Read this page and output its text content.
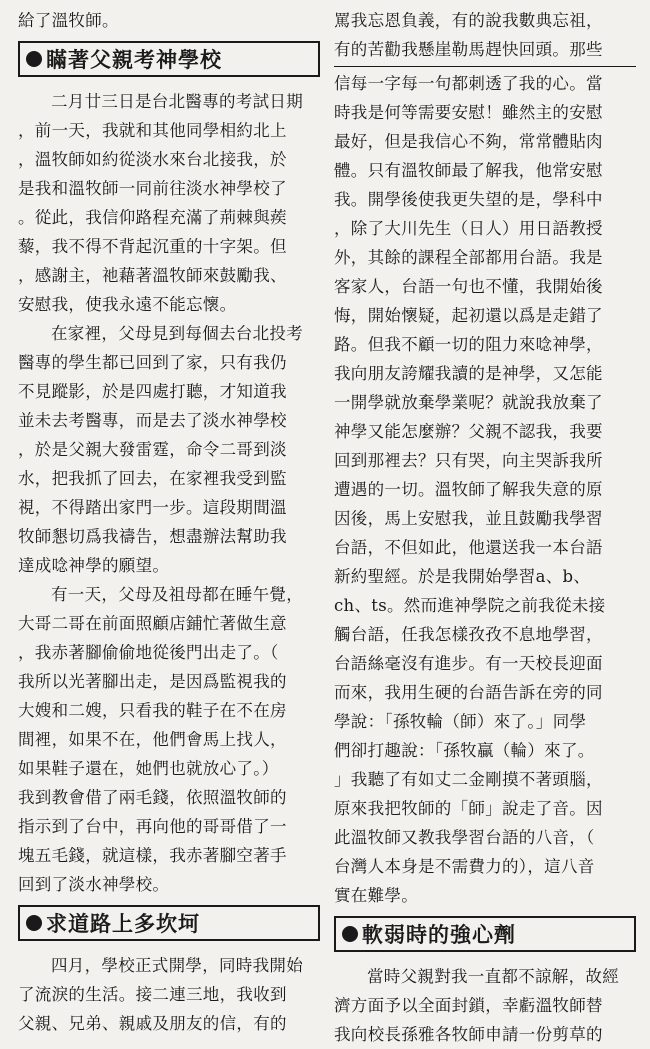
給了溫牧師。

瞞著父親考神學校

二月廿三日是台北醫專的考試日期

，前一天，我就和其他同學相約北上

，溫牧師如約從淡水來台北接我，於

是我和溫牧師一同前往淡水神學校了

。從此，我信仰路程充滿了荊棘與蒺

藜，我不得不背起沉重的十字架。但

，感謝主，祂藉著溫牧師來鼓勵我、

安慰我，使我永遠不能忘懷。

在家裡，父母見到每個去台北投考

醫專的學生都已回到了家，只有我仍

不見蹤影，於是四處打聽，才知道我

並未去考醫專，而是去了淡水神學校

，於是父親大發雷霆，命令二哥到淡

水，把我抓了回去，在家裡我受到監

視，不得踏出家門一步。這段期間溫

牧師懇切爲我禱告，想盡辦法幫助我

達成唸神學的願望。

有一天，父母及祖母都在睡午覺，

大哥二哥在前面照顧店鋪忙著做生意

，我赤著腳偷偷地從後門出走了。（

我所以光著腳出走，是因爲監視我的

大嫂和二嫂，只看我的鞋子在不在房

間裡，如果不在，他們會馬上找人，

如果鞋子還在，她們也就放心了。）

我到教會借了兩毛錢，依照溫牧師的

指示到了台中，再向他的哥哥借了一

塊五毛錢，就這樣，我赤著腳空著手

回到了淡水神學校。

求道路上多坎坷

四月，學校正式開學，同時我開始

了流淚的生活。接二連三地，我收到

父親、兄弟、親戚及朋友的信，有的

罵我忘恩負義，有的說我數典忘祖，

有的苦勸我懸崖勒馬趕快回頭。那些

信每一字每一句都刺透了我的心。當

時我是何等需要安慰！雖然主的安慰

最好，但是我信心不夠，常常體貼肉

體。只有溫牧師最了解我，他常安慰

我。開學後使我更失望的是，學科中

，除了大川先生（日人）用日語教授

外，其餘的課程全部都用台語。我是

客家人，台語一句也不懂，我開始後

悔，開始懷疑，起初還以爲是走錯了

路。但我不顧一切的阻力來唸神學，

我向朋友誇耀我讀的是神學，又怎能

一開學就放棄學業呢？就說我放棄了

神學又能怎麼辦？父親不認我，我要

回到那裡去？只有哭，向主哭訴我所

遭遇的一切。溫牧師了解我失意的原

因後，馬上安慰我，並且鼓勵我學習

台語，不但如此，他還送我一本台語

新約聖經。於是我開始學習a、b、

ch、ts。然而進神學院之前我從未接

觸台語，任我怎樣孜孜不息地學習，

台語絲毫沒有進步。有一天校長迎面

而來，我用生硬的台語告訴在旁的同

學說：「孫牧輪（師）來了。」同學

們卻打趣說：「孫牧贏（輪）來了。

」我聽了有如丈二金剛摸不著頭腦，

原來我把牧師的「師」說走了音。因

此溫牧師又教我學習台語的八音，（

台灣人本身是不需費力的），這八音

實在難學。

軟弱時的強心劑

當時父親對我一直都不諒解，故經

濟方面予以全面封鎖，幸虧溫牧師替

我向校長孫雅各牧師申請一份剪草的
